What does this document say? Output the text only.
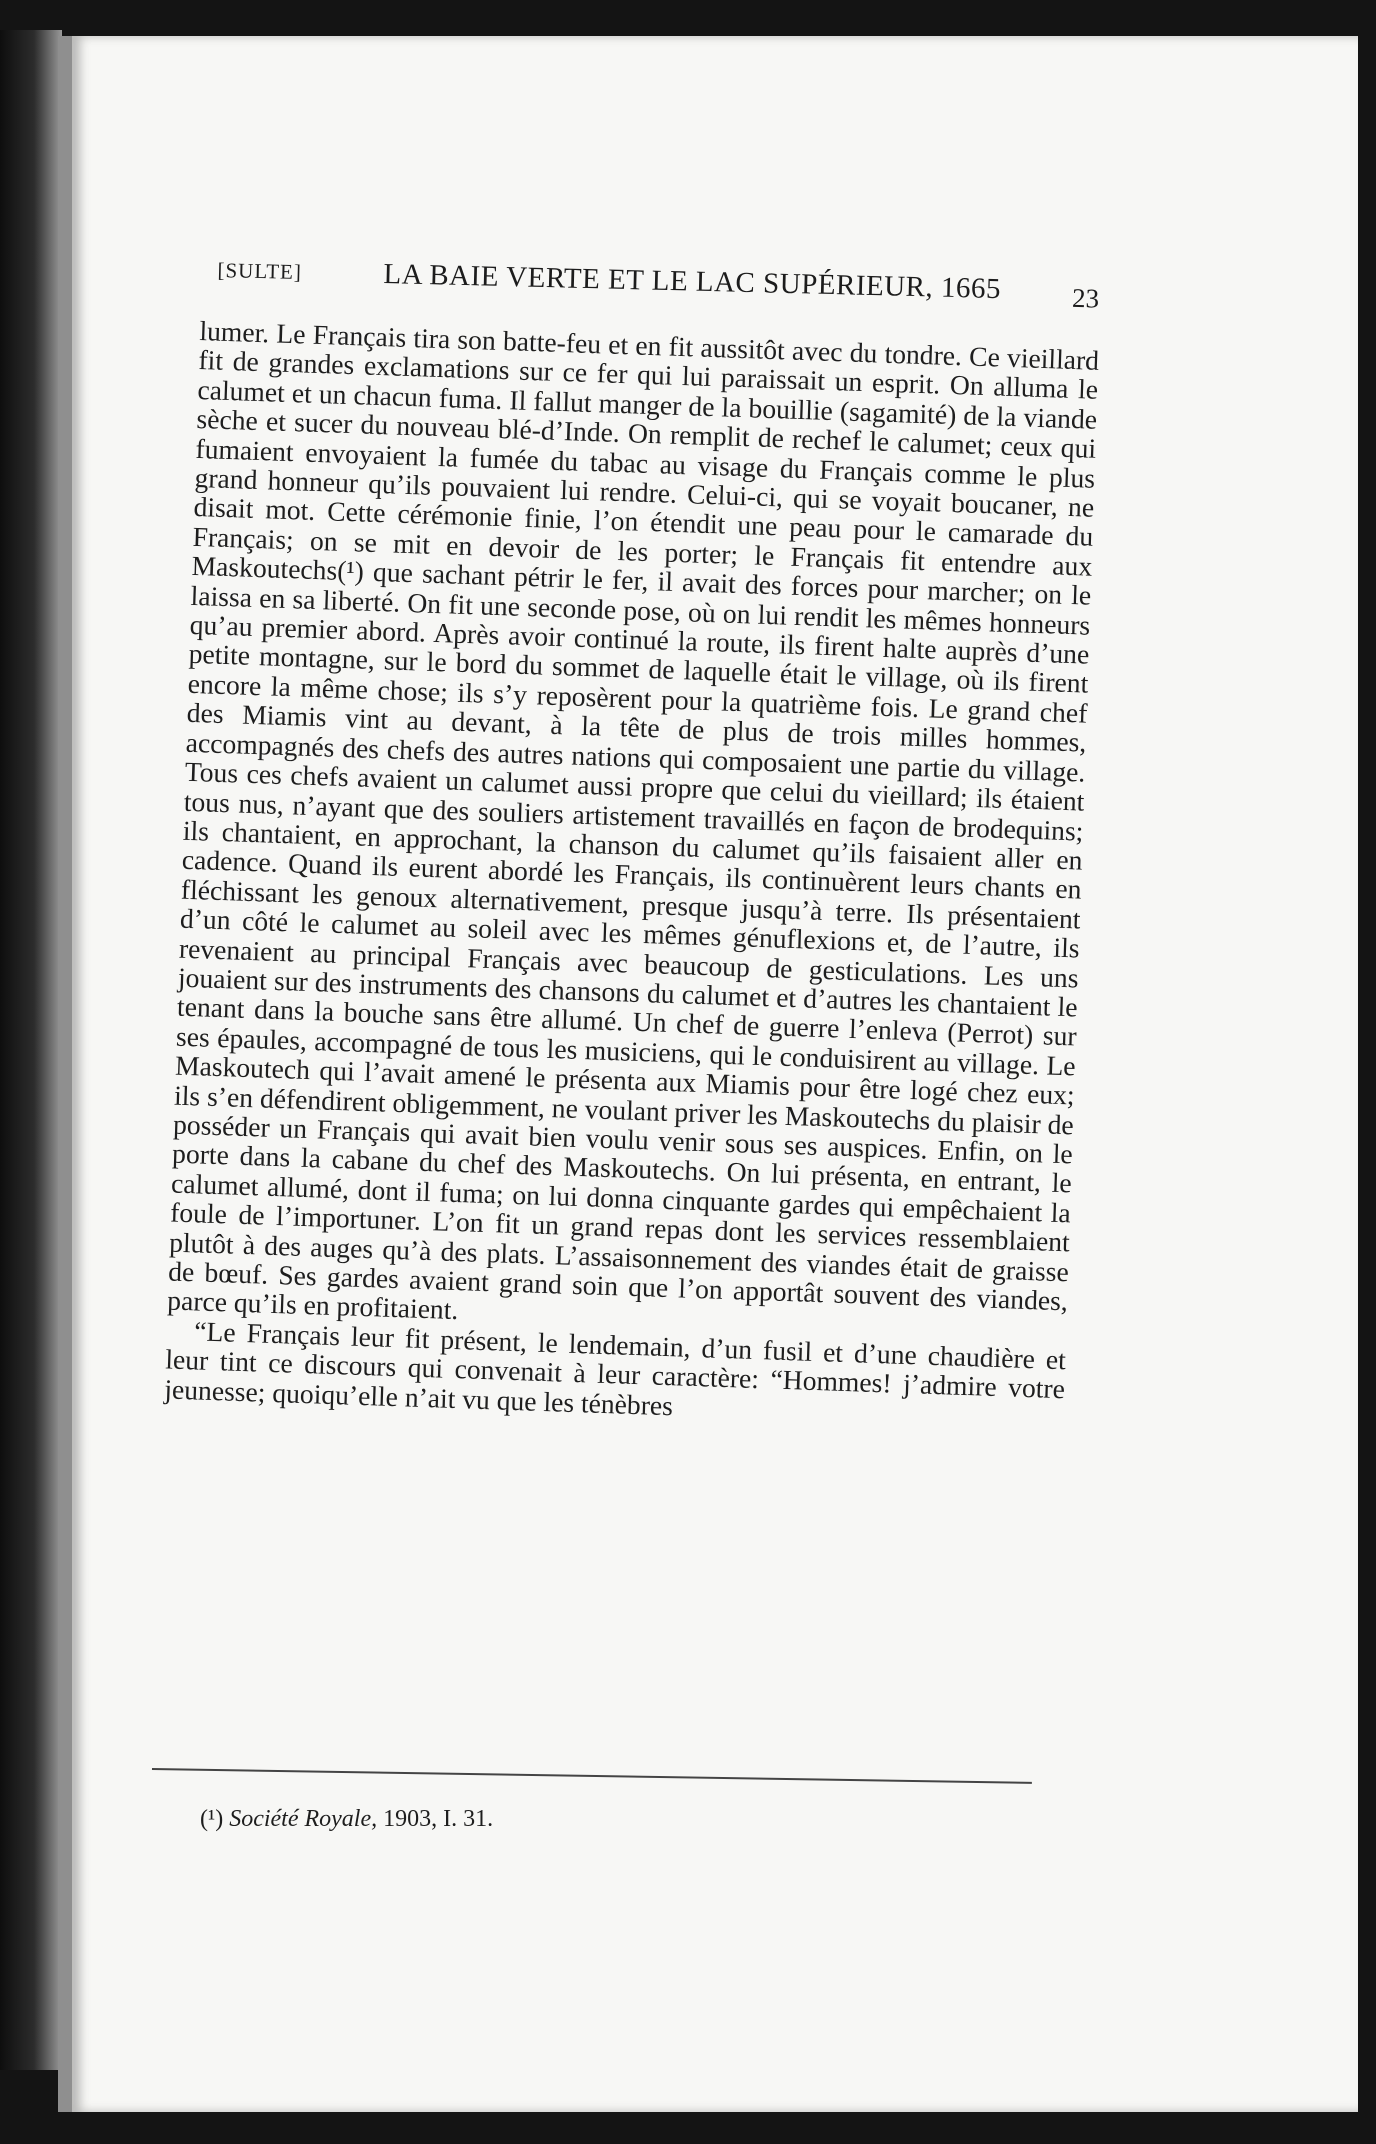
[SULTE]	LA BAIE VERTE ET LE LAC SUPÉRIEUR, 1665	23

lumer. Le Français tira son batte-feu et en fit aussitôt avec du tondre. Ce vieillard fit de grandes exclamations sur ce fer qui lui paraissait un esprit. On alluma le calumet et un chacun fuma. Il fallut manger de la bouillie (sagamité) de la viande sèche et sucer du nouveau blé-d’Inde. On remplit de rechef le calumet; ceux qui fumaient envoyaient la fumée du tabac au visage du Français comme le plus grand honneur qu’ils pouvaient lui rendre. Celui-ci, qui se voyait boucaner, ne disait mot. Cette cérémonie finie, l’on étendit une peau pour le camarade du Français; on se mit en devoir de les porter; le Français fit entendre aux Maskoutechs(¹) que sachant pétrir le fer, il avait des forces pour marcher; on le laissa en sa liberté. On fit une seconde pose, où on lui rendit les mêmes honneurs qu’au premier abord. Après avoir continué la route, ils firent halte auprès d’une petite montagne, sur le bord du sommet de laquelle était le village, où ils firent encore la même chose; ils s’y reposèrent pour la quatrième fois. Le grand chef des Miamis vint au devant, à la tête de plus de trois milles hommes, accompagnés des chefs des autres nations qui composaient une partie du village. Tous ces chefs avaient un calumet aussi propre que celui du vieillard; ils étaient tous nus, n’ayant que des souliers artistement travaillés en façon de brodequins; ils chantaient, en approchant, la chanson du calumet qu’ils faisaient aller en cadence. Quand ils eurent abordé les Français, ils continuèrent leurs chants en fléchissant les genoux alternativement, presque jusqu’à terre. Ils présentaient d’un côté le calumet au soleil avec les mêmes génuflexions et, de l’autre, ils revenaient au principal Français avec beaucoup de gesticulations. Les uns jouaient sur des instruments des chansons du calumet et d’autres les chantaient le tenant dans la bouche sans être allumé. Un chef de guerre l’enleva (Perrot) sur ses épaules, accompagné de tous les musiciens, qui le conduisirent au village. Le Maskoutech qui l’avait amené le présenta aux Miamis pour être logé chez eux; ils s’en défendirent obligemment, ne voulant priver les Maskoutechs du plaisir de posséder un Français qui avait bien voulu venir sous ses auspices. Enfin, on le porte dans la cabane du chef des Maskoutechs. On lui présenta, en entrant, le calumet allumé, dont il fuma; on lui donna cinquante gardes qui empêchaient la foule de l’importuner. L’on fit un grand repas dont les services ressemblaient plutôt à des auges qu’à des plats. L’assaisonnement des viandes était de graisse de bœuf. Ses gardes avaient grand soin que l’on apportât souvent des viandes, parce qu’ils en profitaient.

“Le Français leur fit présent, le lendemain, d’un fusil et d’une chaudière et leur tint ce discours qui convenait à leur caractère: “Hommes! j’admire votre jeunesse; quoiqu’elle n’ait vu que les ténèbres

(¹) Société Royale, 1903, I. 31.
